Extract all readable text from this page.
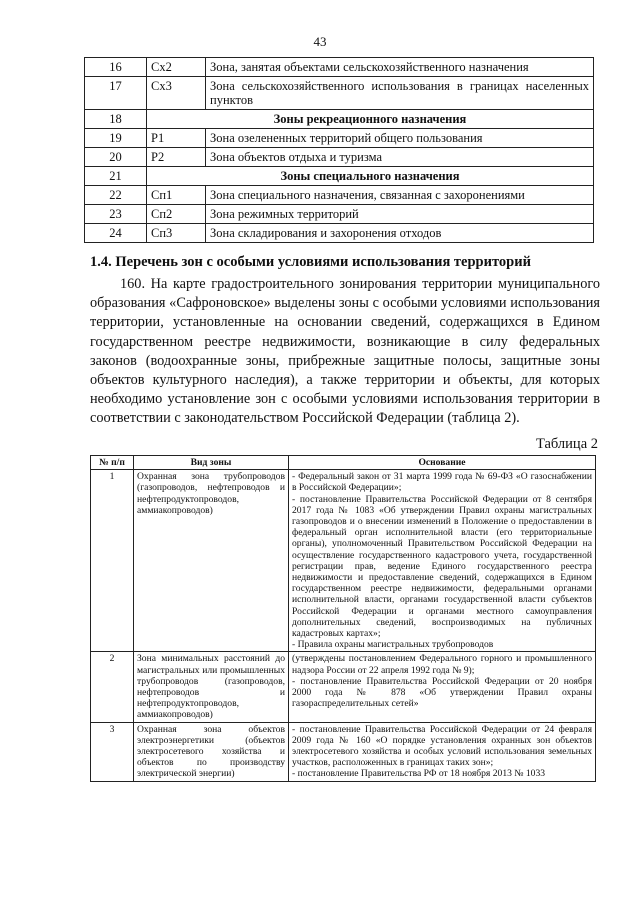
43
16	Сх2	Зона, занятая объектами сельскохозяйственного назначения
17	Сх3	Зона сельскохозяйственного использования в границах населенных пунктов
18	Зоны рекреационного назначения	
19	Р1	Зона озелененных территорий общего пользования
20	Р2	Зона объектов отдыха и туризма
21	Зоны специального назначения	
22	Сп1	Зона специального назначения, связанная с захоронениями
23	Сп2	Зона режимных территорий
24	Сп3	Зона складирования и захоронения отходов
1.4. Перечень зон с особыми условиями использования территорий
160. На карте градостроительного зонирования территории муниципального образования «Сафроновское» выделены зоны с особыми условиями использования территории, установленные на основании сведений, содержащихся в Едином государственном реестре недвижимости, возникающие в силу федеральных законов (водоохранные зоны, прибрежные защитные полосы, защитные зоны объектов культурного наследия), а также территории и объекты, для которых необходимо установление зон с особыми условиями использования территории в соответствии с законодательством Российской Федерации (таблица 2).
Таблица 2
№ п/п	Вид зоны	Основание
1	Охранная зона трубопроводов (газопроводов, нефтепроводов и нефтепродуктопроводов, аммиакопроводов)	- Федеральный закон от 31 марта 1999 года № 69-ФЗ «О газоснабжении в Российской Федерации»;
- постановление Правительства Российской Федерации от 8 сентября 2017 года № 1083 «Об утверждении Правил охраны магистральных газопроводов и о внесении изменений в Положение о предоставлении в федеральный орган исполнительной власти (его территориальные органы), уполномоченный Правительством Российской Федерации на осуществление государственного кадастрового учета, государственной регистрации прав, ведение Единого государственного реестра недвижимости и предоставление сведений, содержащихся в Едином государственном реестре недвижимости, федеральными органами исполнительной власти, органами государственной власти субъектов Российской Федерации и органами местного самоуправления дополнительных сведений, воспроизводимых на публичных кадастровых картах»;
- Правила охраны магистральных трубопроводов

2	Зона минимальных расстояний до магистральных или промышленных трубопроводов (газопроводов, нефтепроводов и нефтепродуктопроводов, аммиакопроводов)	(утверждены постановлением Федерального горного и промышленного надзора России от 22 апреля 1992 года № 9);
- постановление Правительства Российской Федерации от 20 ноября 2000 года № 878 «Об утверждении Правил охраны газораспределительных сетей»

3	Охранная зона объектов электроэнергетики (объектов электросетевого хозяйства и объектов по производству электрической энергии)	- постановление Правительства Российской Федерации от 24 февраля 2009 года № 160 «О порядке установления охранных зон объектов электросетевого хозяйства и особых условий использования земельных участков, расположенных в границах таких зон»;
- постановление Правительства РФ от 18 ноября 2013 № 1033
